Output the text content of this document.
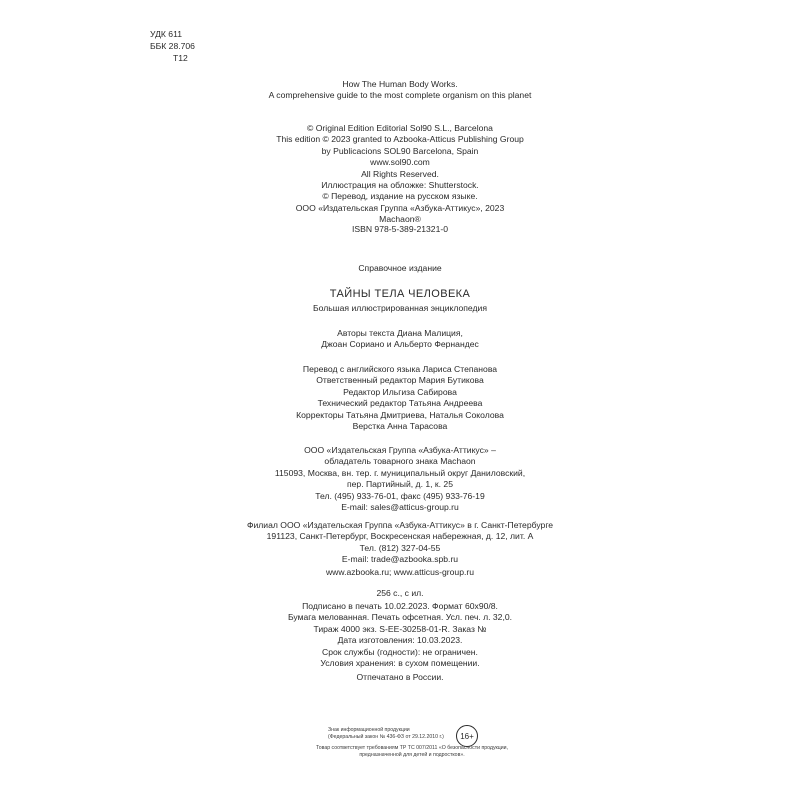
УДК 611
ББК 28.706
Т12
How The Human Body Works.
A comprehensive guide to the most complete organism on this planet
© Original Edition Editorial Sol90 S.L., Barcelona
This edition © 2023 granted to Azbooka-Atticus Publishing Group
by Publicacions SOL90 Barcelona, Spain
www.sol90.com
All Rights Reserved.
Иллюстрация на обложке: Shutterstock.
© Перевод, издание на русском языке.
ООО «Издательская Группа «Азбука-Аттикус», 2023
Machaon®
ISBN 978-5-389-21321-0
Справочное издание
ТАЙНЫ ТЕЛА ЧЕЛОВЕКА
Большая иллюстрированная энциклопедия
Авторы текста Диана Малиция,
Джоан Сориано и Альберто Фернандес
Перевод с английского языка Лариса Степанова
Ответственный редактор Мария Бутикова
Редактор Ильгиза Сабирова
Технический редактор Татьяна Андреева
Корректоры Татьяна Дмитриева, Наталья Соколова
Верстка Анна Тарасова
ООО «Издательская Группа «Азбука-Аттикус» –
обладатель товарного знака Machaon
115093, Москва, вн. тер. г. муниципальный округ Даниловский,
пер. Партийный, д. 1, к. 25
Тел. (495) 933-76-01, факс (495) 933-76-19
E-mail: sales@atticus-group.ru
Филиал ООО «Издательская Группа «Азбука-Аттикус» в г. Санкт-Петербурге
191123, Санкт-Петербург, Воскресенская набережная, д. 12, лит. А
Тел. (812) 327-04-55
E-mail: trade@azbooka.spb.ru
www.azbooka.ru; www.atticus-group.ru
256 с., с ил.
Подписано в печать 10.02.2023. Формат 60х90/8.
Бумага мелованная. Печать офсетная. Усл. печ. л. 32,0.
Тираж 4000 экз. S-EE-30258-01-R. Заказ №
Дата изготовления: 10.03.2023.
Срок службы (годности): не ограничен.
Условия хранения: в сухом помещении.
Отпечатано в России.
Знак информационной продукции
(Федеральный закон № 436-ФЗ от 29.12.2010 г.)	16+
Товар соответствует требованиям ТР ТС 007/2011 «О безопасности продукции,
предназначенной для детей и подростков».
